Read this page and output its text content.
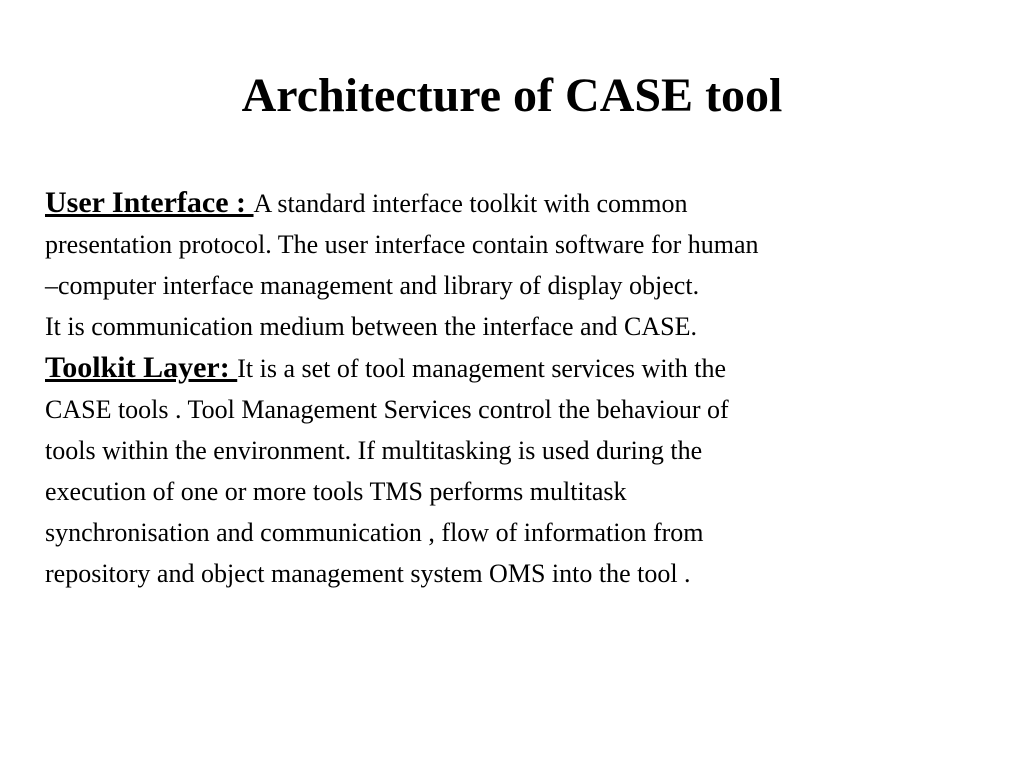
Architecture of CASE tool
User Interface : A standard interface toolkit with common
presentation protocol. The user interface contain software for human
–computer interface management and library of display object.
It is communication medium between the interface and CASE.
Toolkit Layer: It is a set of tool management services with the
CASE tools . Tool Management Services control the behaviour of
tools within the environment. If multitasking is used during the
execution of one or more tools TMS performs multitask
synchronisation and communication , flow of information from
repository and object management system OMS into the tool .
